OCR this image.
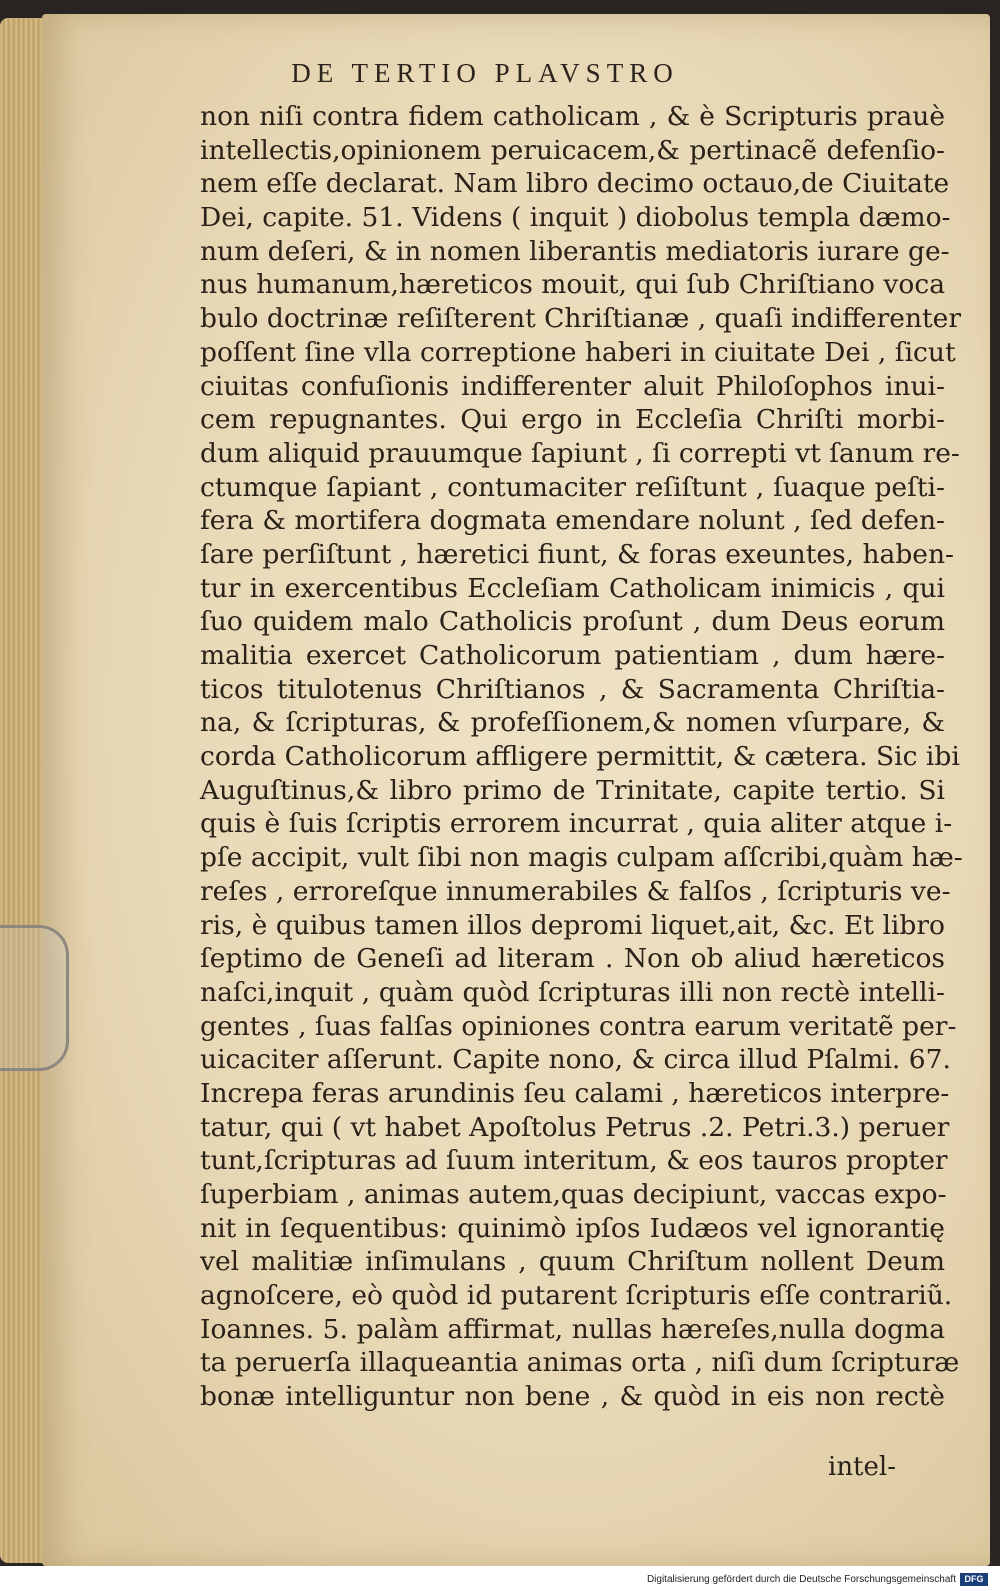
DE TERTIO PLAVSTRO
non niſi contra fidem catholicam , & è Scripturis prauè
intellectis,opinionem peruicacem,& pertinacẽ defenſio-
nem eſſe declarat. Nam libro decimo octauo,de Ciuitate
Dei, capite. 51. Videns ( inquit ) diobolus templa dæmo-
num deſeri, & in nomen liberantis mediatoris iurare ge-
nus humanum,hæreticos mouit, qui ſub Chriſtiano voca
bulo doctrinæ reſiſterent Chriſtianæ , quaſi indifferenter
poſſent ſine vlla correptione haberi in ciuitate Dei , ſicut
ciuitas confuſionis indifferenter aluit Philoſophos inui-
cem repugnantes. Qui ergo in Eccleſia Chriſti morbi-
dum aliquid prauumque ſapiunt , ſi correpti vt ſanum re-
ctumque ſapiant , contumaciter reſiſtunt , ſuaque peſti-
fera & mortifera dogmata emendare nolunt , ſed defen-
ſare perſiſtunt , hæretici fiunt, & foras exeuntes, haben-
tur in exercentibus Eccleſiam Catholicam inimicis , qui
ſuo quidem malo Catholicis proſunt , dum Deus eorum
malitia exercet Catholicorum patientiam , dum hære-
ticos titulotenus Chriſtianos , & Sacramenta Chriſtia-
na, & ſcripturas, & profeſſionem,& nomen vſurpare, &
corda Catholicorum affligere permittit, & cætera. Sic ibi
Auguſtinus,& libro primo de Trinitate, capite tertio. Si
quis è ſuis ſcriptis errorem incurrat , quia aliter atque i-
pſe accipit, vult ſibi non magis culpam aſſcribi,quàm hæ-
reſes , erroreſque innumerabiles & falſos , ſcripturis ve-
ris, è quibus tamen illos depromi liquet,ait, &c. Et libro
ſeptimo de Geneſi ad literam . Non ob aliud hæreticos
naſci,inquit , quàm quòd ſcripturas illi non rectè intelli-
gentes , ſuas falſas opiniones contra earum veritatẽ per-
uicaciter aſſerunt. Capite nono, & circa illud Pſalmi. 67.
Increpa feras arundinis ſeu calami , hæreticos interpre-
tatur, qui ( vt habet Apoſtolus Petrus .2. Petri.3.) peruer
tunt,ſcripturas ad ſuum interitum, & eos tauros propter
ſuperbiam , animas autem,quas decipiunt, vaccas expo-
nit in ſequentibus: quinimò ipſos Iudæos vel ignorantię
vel malitiæ inſimulans , quum Chriſtum nollent Deum
agnoſcere, eò quòd id putarent ſcripturis eſſe contrariũ.
Ioannes. 5. palàm affirmat, nullas hæreſes,nulla dogma
ta peruerſa illaqueantia animas orta , niſi dum ſcripturæ
bonæ intelliguntur non bene , & quòd in eis non rectè
intel-
Digitalisierung gefördert durch die Deutsche Forschungsgemeinschaft DFG
